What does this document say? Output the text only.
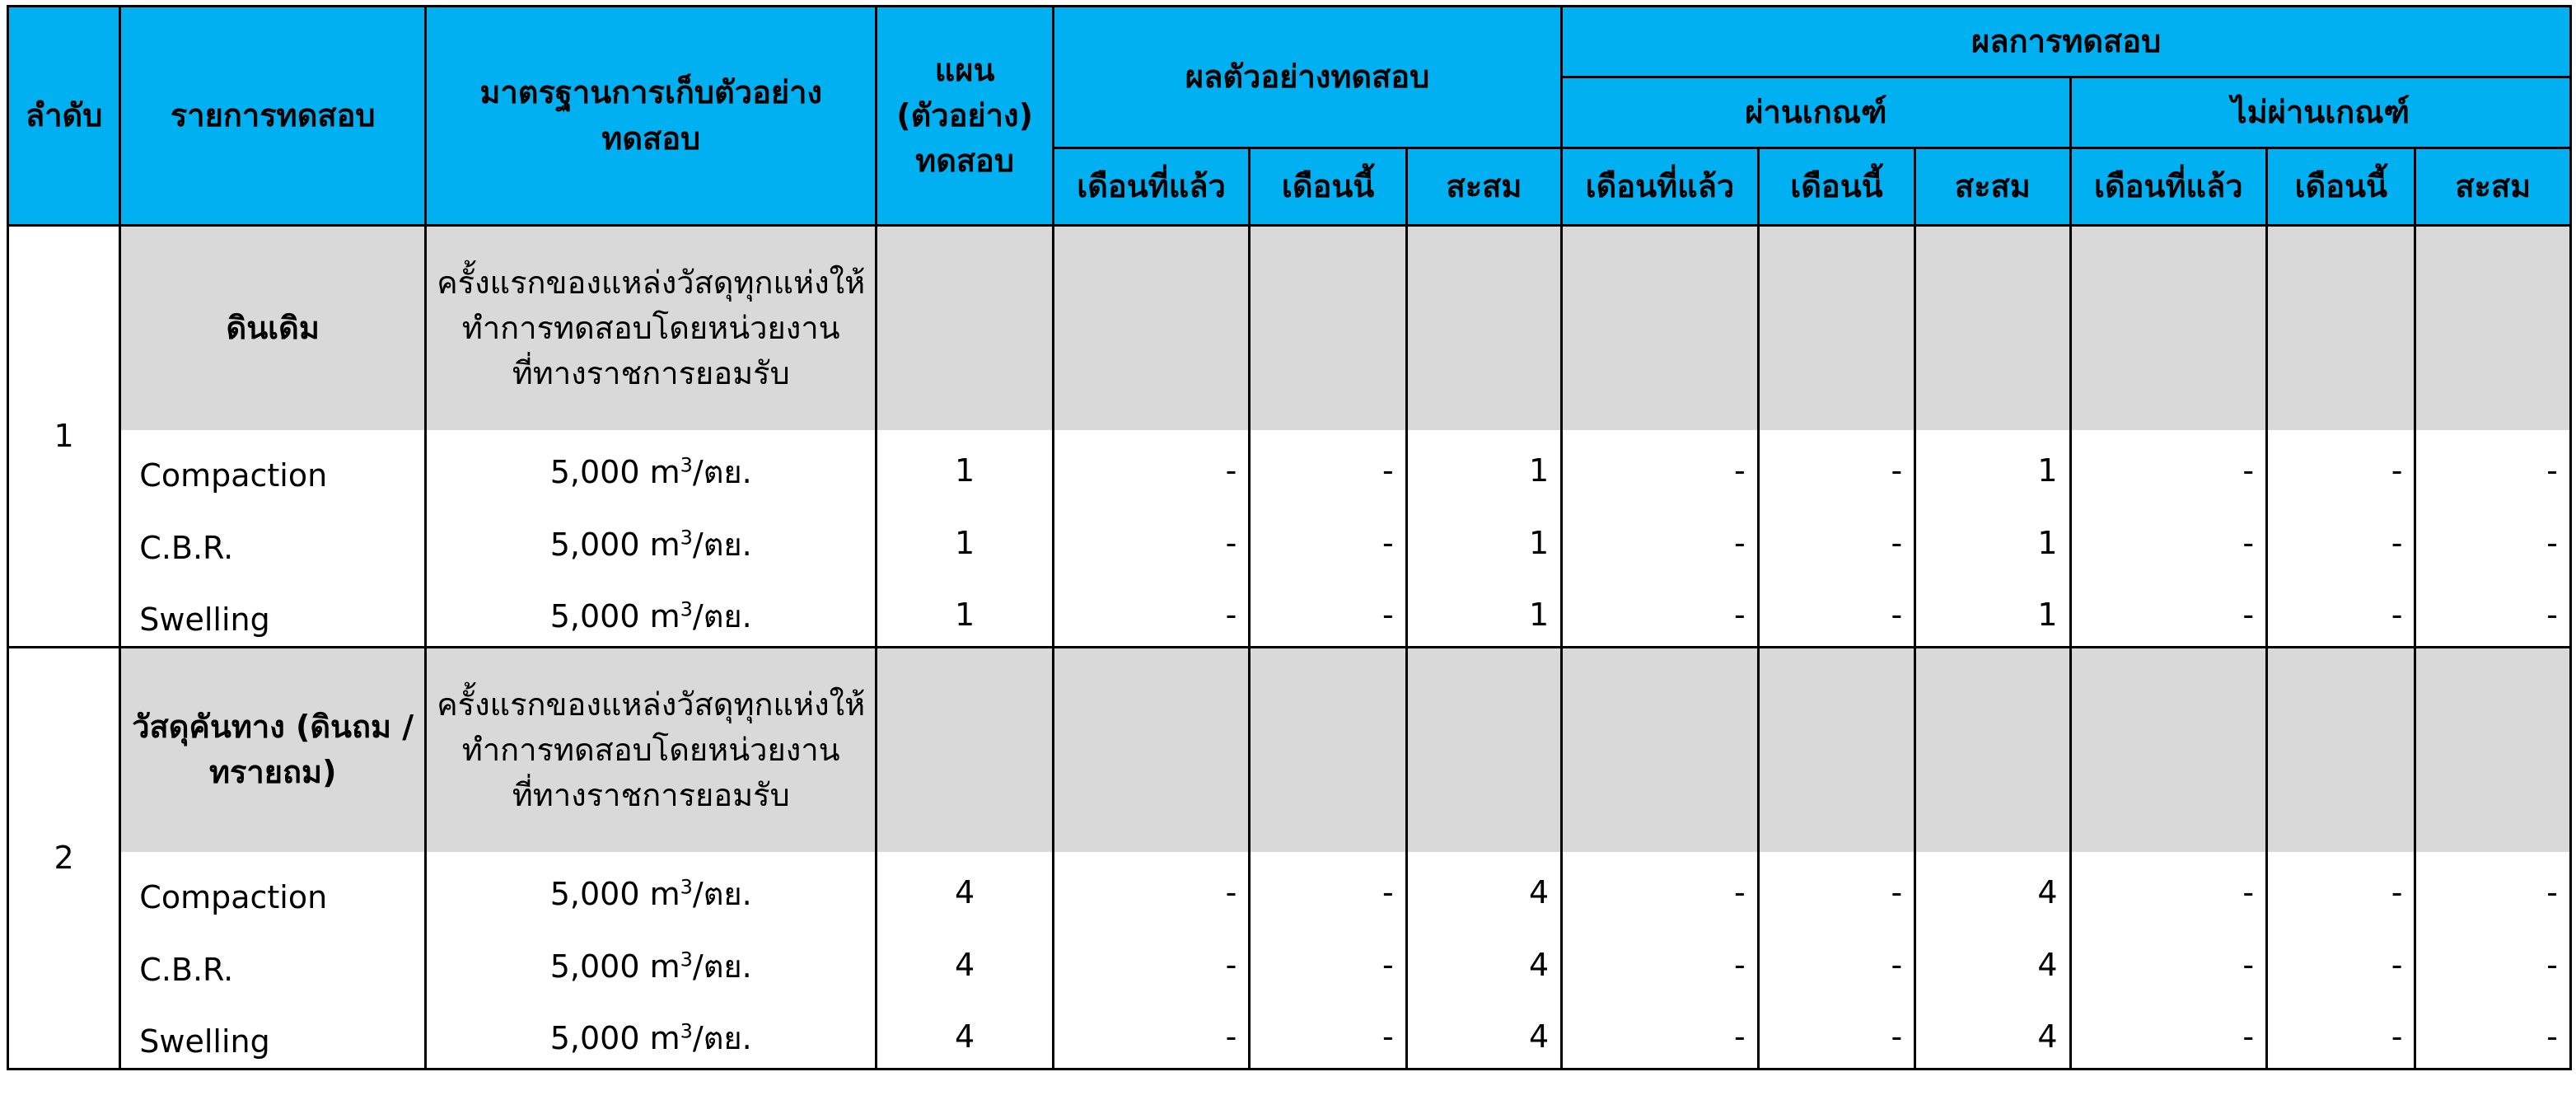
ลำดับ	รายการทดสอบ	มาตรฐานการเก็บตัวอย่างทดสอบ	แผน (ตัวอย่าง) ทดสอบ	ผลตัวอย่างทดสอบ			ผลการทดสอบ					
							ผ่านเกณฑ์			ไม่ผ่านเกณฑ์		
				เดือนที่แล้ว	เดือนนี้	สะสม	เดือนที่แล้ว	เดือนนี้	สะสม	เดือนที่แล้ว	เดือนนี้	สะสม
1	ดินเดิม	ครั้งแรกของแหล่งวัสดุทุกแห่งให้ทำการทดสอบโดยหน่วยงานที่ทางราชการยอมรับ										
	Compaction	5,000 $m^3/$ตย.	1	-	-	1	-	-	1	-	-	-
	C.B.R.	5,000 $m^3/$ตย.	1	-	-	1	-	-	1	-	-	-
	Swelling	5,000 $m^3/$ตย.	1	-	-	1	-	-	1	-	-	-
2	วัสดุคันทาง (ดินถม / ทรายถม)	ครั้งแรกของแหล่งวัสดุทุกแห่งให้ทำการทดสอบโดยหน่วยงานที่ทางราชการยอมรับ										
	Compaction	5,000 $m^3/$ตย.	4	-	-	4	-	-	4	-	-	-
	C.B.R.	5,000 $m^3/$ตย.	4	-	-	4	-	-	4	-	-	-
	Swelling	5,000 $m^3/$ตย.	4	-	-	4	-	-	4	-	-	-
